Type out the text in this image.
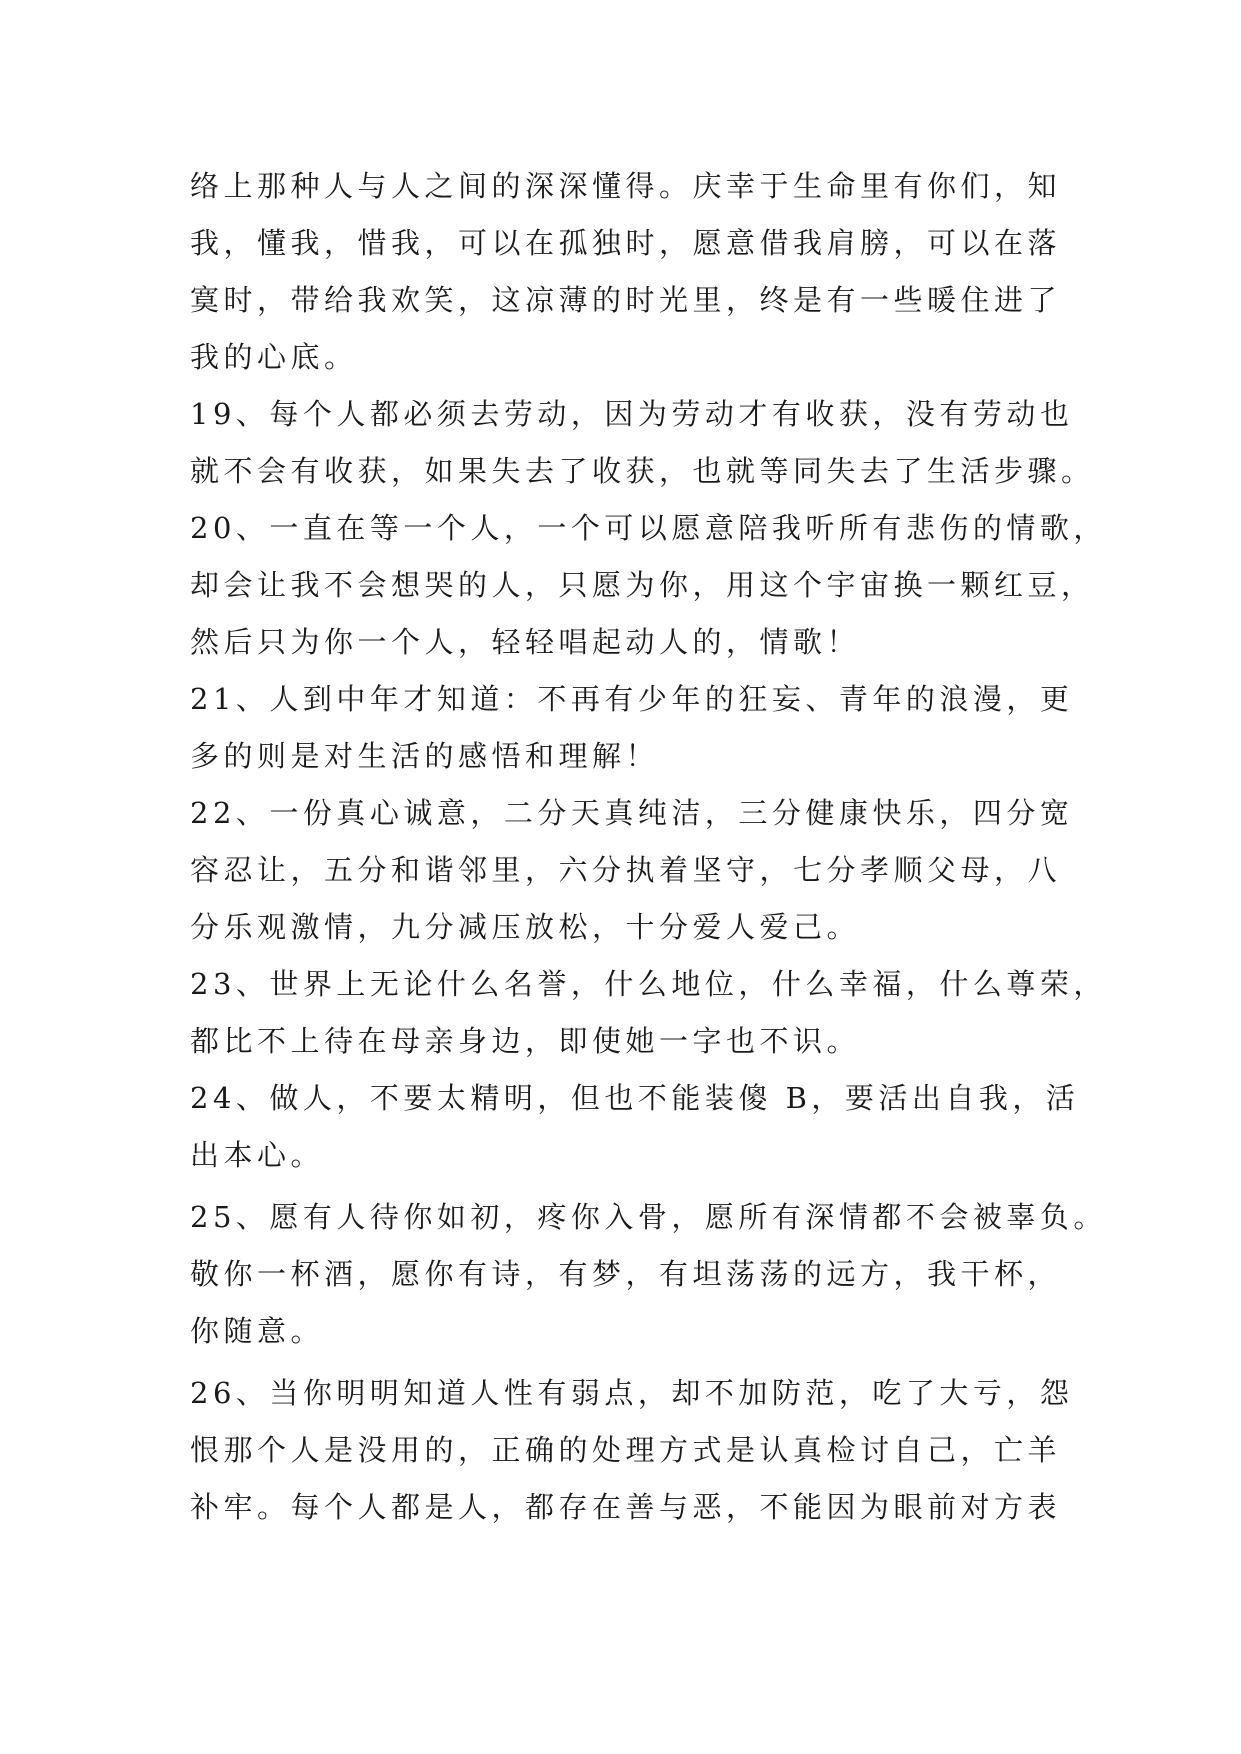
络上那种人与人之间的深深懂得。庆幸于生命里有你们，知
我，懂我，惜我，可以在孤独时，愿意借我肩膀，可以在落
寞时，带给我欢笑，这凉薄的时光里，终是有一些暖住进了
我的心底。
19、每个人都必须去劳动，因为劳动才有收获，没有劳动也
就不会有收获，如果失去了收获，也就等同失去了生活步骤。
20、一直在等一个人，一个可以愿意陪我听所有悲伤的情歌，
却会让我不会想哭的人，只愿为你，用这个宇宙换一颗红豆，
然后只为你一个人，轻轻唱起动人的，情歌！
21、人到中年才知道：不再有少年的狂妄、青年的浪漫，更
多的则是对生活的感悟和理解！
22、一份真心诚意，二分天真纯洁，三分健康快乐，四分宽
容忍让，五分和谐邻里，六分执着坚守，七分孝顺父母，八
分乐观激情，九分减压放松，十分爱人爱己。
23、世界上无论什么名誉，什么地位，什么幸福，什么尊荣，
都比不上待在母亲身边，即使她一字也不识。
24、做人，不要太精明，但也不能装傻 B，要活出自我，活
出本心。
25、愿有人待你如初，疼你入骨，愿所有深情都不会被辜负。
敬你一杯酒，愿你有诗，有梦，有坦荡荡的远方，我干杯，
你随意。
26、当你明明知道人性有弱点，却不加防范，吃了大亏，怨
恨那个人是没用的，正确的处理方式是认真检讨自己，亡羊
补牢。每个人都是人，都存在善与恶，不能因为眼前对方表
